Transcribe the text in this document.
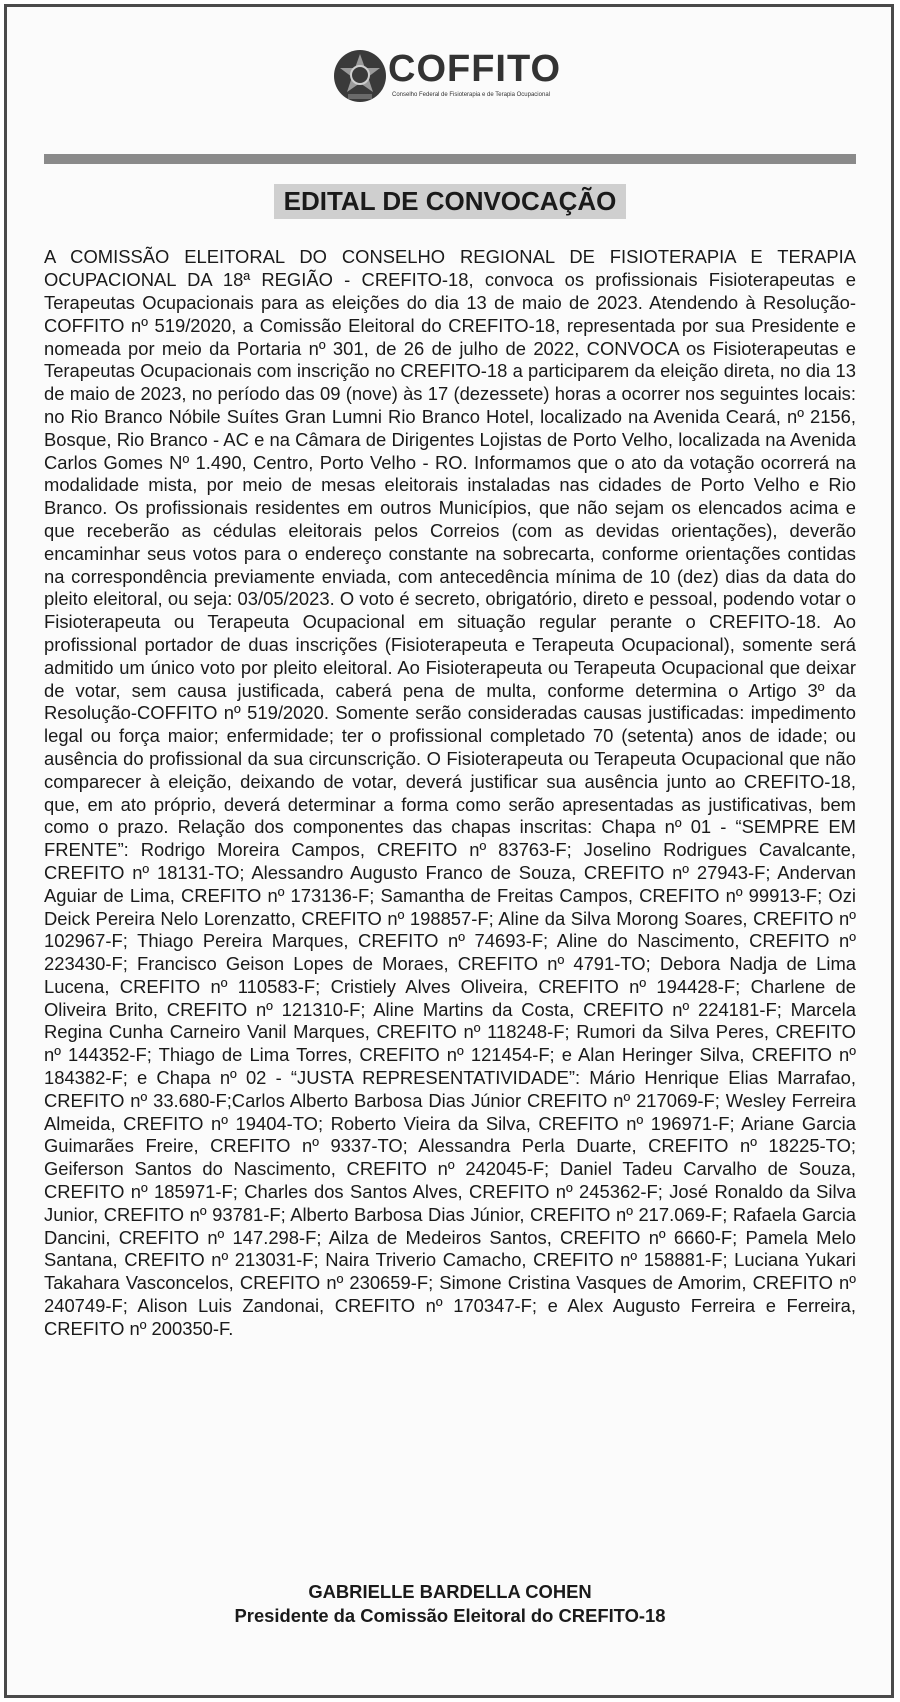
COFFITO
Conselho Federal de Fisioterapia e de Terapia Ocupacional
EDITAL DE CONVOCAÇÃO

A COMISSÃO ELEITORAL DO CONSELHO REGIONAL DE FISIOTERAPIA E TERAPIA OCUPACIONAL DA 18ª REGIÃO - CREFITO-18, convoca os profissionais Fisioterapeutas e Terapeutas Ocupacionais para as eleições do dia 13 de maio de 2023. Atendendo à Resolução-COFFITO nº 519/2020, a Comissão Eleitoral do CREFITO-18, representada por sua Presidente e nomeada por meio da Portaria nº 301, de 26 de julho de 2022, CONVOCA os Fisioterapeutas e Terapeutas Ocupacionais com inscrição no CREFITO-18 a participarem da eleição direta, no dia 13 de maio de 2023, no período das 09 (nove) às 17 (dezessete) horas a ocorrer nos seguintes locais: no Rio Branco Nóbile Suítes Gran Lumni Rio Branco Hotel, localizado na Avenida Ceará, nº 2156, Bosque, Rio Branco - AC e na Câmara de Dirigentes Lojistas de Porto Velho, localizada na Avenida Carlos Gomes Nº 1.490, Centro, Porto Velho - RO. Informamos que o ato da votação ocorrerá na modalidade mista, por meio de mesas eleitorais instaladas nas cidades de Porto Velho e Rio Branco. Os profissionais residentes em outros Municípios, que não sejam os elencados acima e que receberão as cédulas eleitorais pelos Correios (com as devidas orientações), deverão encaminhar seus votos para o endereço constante na sobrecarta, conforme orientações contidas na correspondência previamente enviada, com antecedência mínima de 10 (dez) dias da data do pleito eleitoral, ou seja: 03/05/2023. O voto é secreto, obrigatório, direto e pessoal, podendo votar o Fisioterapeuta ou Terapeuta Ocupacional em situação regular perante o CREFITO-18. Ao profissional portador de duas inscrições (Fisioterapeuta e Terapeuta Ocupacional), somente será admitido um único voto por pleito eleitoral. Ao Fisioterapeuta ou Terapeuta Ocupacional que deixar de votar, sem causa justificada, caberá pena de multa, conforme determina o Artigo 3º da Resolução-COFFITO nº 519/2020. Somente serão consideradas causas justificadas: impedimento legal ou força maior; enfermidade; ter o profissional completado 70 (setenta) anos de idade; ou ausência do profissional da sua circunscrição. O Fisioterapeuta ou Terapeuta Ocupacional que não comparecer à eleição, deixando de votar, deverá justificar sua ausência junto ao CREFITO-18, que, em ato próprio, deverá determinar a forma como serão apresentadas as justificativas, bem como o prazo. Relação dos componentes das chapas inscritas: Chapa nº 01 - “SEMPRE EM FRENTE”: Rodrigo Moreira Campos, CREFITO nº 83763-F; Joselino Rodrigues Cavalcante, CREFITO nº 18131-TO; Alessandro Augusto Franco de Souza, CREFITO nº 27943-F; Andervan Aguiar de Lima, CREFITO nº 173136-F; Samantha de Freitas Campos, CREFITO nº 99913-F; Ozi Deick Pereira Nelo Lorenzatto, CREFITO nº 198857-F; Aline da Silva Morong Soares, CREFITO nº 102967-F; Thiago Pereira Marques, CREFITO nº 74693-F; Aline do Nascimento, CREFITO nº 223430-F; Francisco Geison Lopes de Moraes, CREFITO nº 4791-TO; Debora Nadja de Lima Lucena, CREFITO nº 110583-F; Cristiely Alves Oliveira, CREFITO nº 194428-F; Charlene de Oliveira Brito, CREFITO nº 121310-F; Aline Martins da Costa, CREFITO nº 224181-F; Marcela Regina Cunha Carneiro Vanil Marques, CREFITO nº 118248-F; Rumori da Silva Peres, CREFITO nº 144352-F; Thiago de Lima Torres, CREFITO nº 121454-F; e Alan Heringer Silva, CREFITO nº 184382-F; e Chapa nº 02 - “JUSTA REPRESENTATIVIDADE”: Mário Henrique Elias Marrafao, CREFITO nº 33.680-F;Carlos Alberto Barbosa Dias Júnior CREFITO nº 217069-F; Wesley Ferreira Almeida, CREFITO nº 19404-TO; Roberto Vieira da Silva, CREFITO nº 196971-F; Ariane Garcia Guimarães Freire, CREFITO nº 9337-TO; Alessandra Perla Duarte, CREFITO nº 18225-TO; Geiferson Santos do Nascimento, CREFITO nº 242045-F; Daniel Tadeu Carvalho de Souza, CREFITO nº 185971-F; Charles dos Santos Alves, CREFITO nº 245362-F; José Ronaldo da Silva Junior, CREFITO nº 93781-F; Alberto Barbosa Dias Júnior, CREFITO nº 217.069-F; Rafaela Garcia Dancini, CREFITO nº 147.298-F; Ailza de Medeiros Santos, CREFITO nº 6660-F; Pamela Melo Santana, CREFITO nº 213031-F; Naira Triverio Camacho, CREFITO nº 158881-F; Luciana Yukari Takahara Vasconcelos, CREFITO nº 230659-F; Simone Cristina Vasques de Amorim, CREFITO nº 240749-F; Alison Luis Zandonai, CREFITO nº 170347-F; e Alex Augusto Ferreira e Ferreira, CREFITO nº 200350-F.

GABRIELLE BARDELLA COHEN
Presidente da Comissão Eleitoral do CREFITO-18
